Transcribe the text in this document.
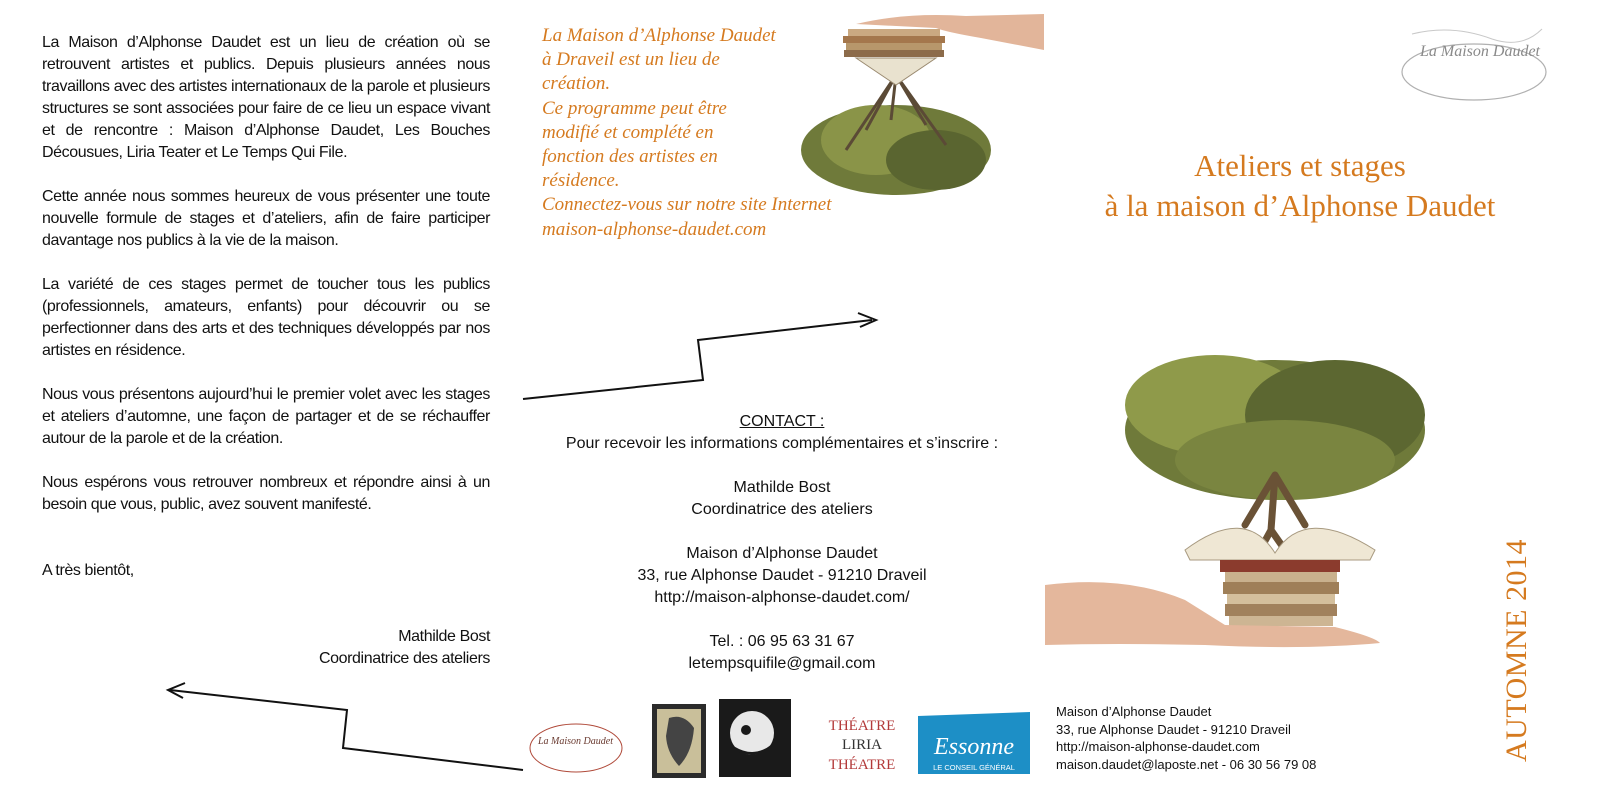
La Maison d’Alphonse Daudet est un lieu de création où se retrouvent artistes et publics. Depuis plusieurs années nous travaillons avec des artistes internationaux de la parole et plusieurs structures se sont associées pour faire de ce lieu un espace vivant et de rencontre : Maison d’Alphonse Daudet, Les Bouches Décousues, Liria Teater et Le Temps Qui File.

Cette année nous sommes heureux de vous présenter une toute nouvelle formule de stages et d’ateliers, afin de faire participer davantage nos publics à la vie de la maison.

La variété de ces stages permet de toucher tous les publics (professionnels, amateurs, enfants) pour découvrir ou se perfectionner dans des arts et des techniques développés par nos artistes en résidence.

Nous vous présentons aujourd’hui le premier volet avec les stages et ateliers d’automne, une façon de partager et de se réchauffer autour de la parole et de la création.

Nous espérons vous retrouver nombreux et répondre ainsi à un besoin que vous, public, avez souvent manifesté.

A très bientôt,

Mathilde Bost
Coordinatrice des ateliers
La Maison d’Alphonse Daudet
à Draveil est un lieu de
création.
Ce programme peut être
modifié et complété en
fonction des artistes en
résidence.
Connectez-vous sur notre site Internet
maison-alphonse-daudet.com
La Maison Daudet
Ateliers et stages
à la maison d’Alphonse Daudet
AUTOMNE 2014
CONTACT :
Pour recevoir les informations complémentaires et s’inscrire :
Mathilde Bost
Coordinatrice des ateliers
Maison d’Alphonse Daudet
33, rue Alphonse Daudet - 91210 Draveil
http://maison-alphonse-daudet.com/
Tel. : 06 95 63 31 67
letempsquifile@gmail.com
La Maison Daudet
THÉATRE
LIRIA
THÉATRE
Essonne
LE CONSEIL GÉNÉRAL
Maison d’Alphonse Daudet
33, rue Alphonse Daudet - 91210 Draveil
http://maison-alphonse-daudet.com
maison.daudet@laposte.net - 06 30 56 79 08
